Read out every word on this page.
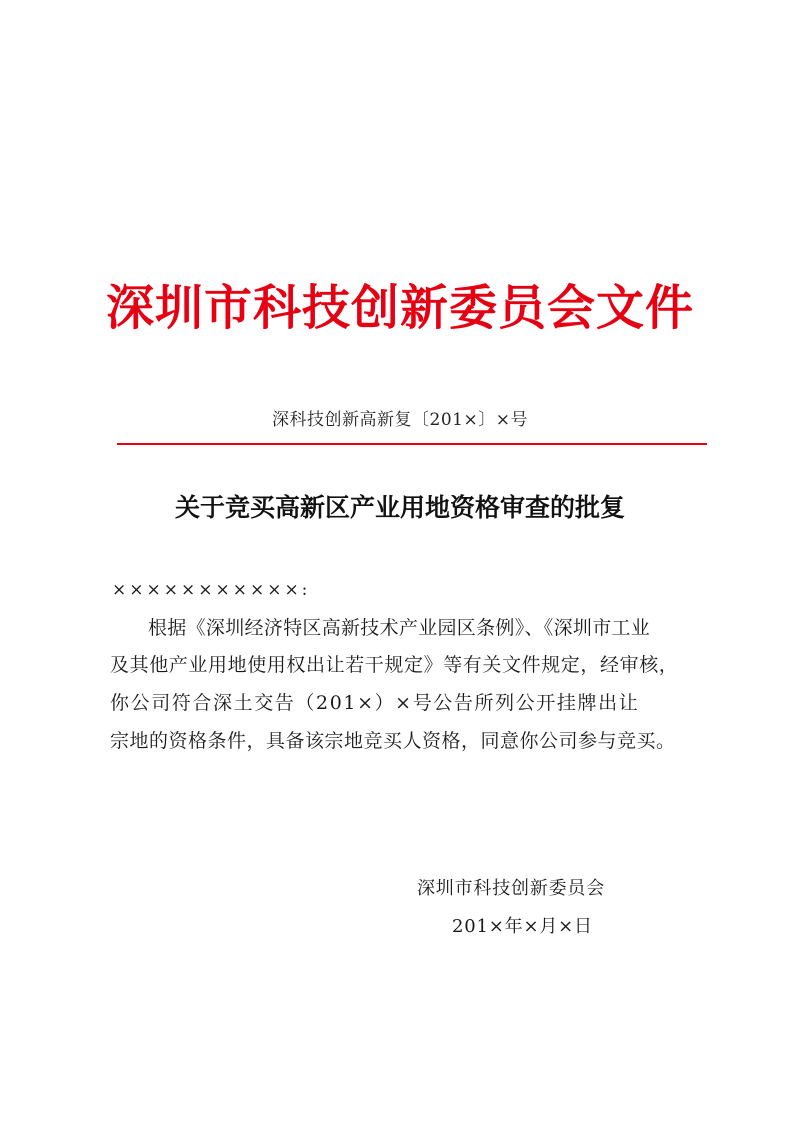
深圳市科技创新委员会文件
深科技创新高新复〔201×〕×号
关于竞买高新区产业用地资格审查的批复
×××××××××××:
根据《深圳经济特区高新技术产业园区条例》、《深圳市工业
及其他产业用地使用权出让若干规定》等有关文件规定，经审核，
你公司符合深土交告（201×）×号公告所列公开挂牌出让
宗地的资格条件，具备该宗地竞买人资格，同意你公司参与竞买。
深圳市科技创新委员会
201×年×月×日
